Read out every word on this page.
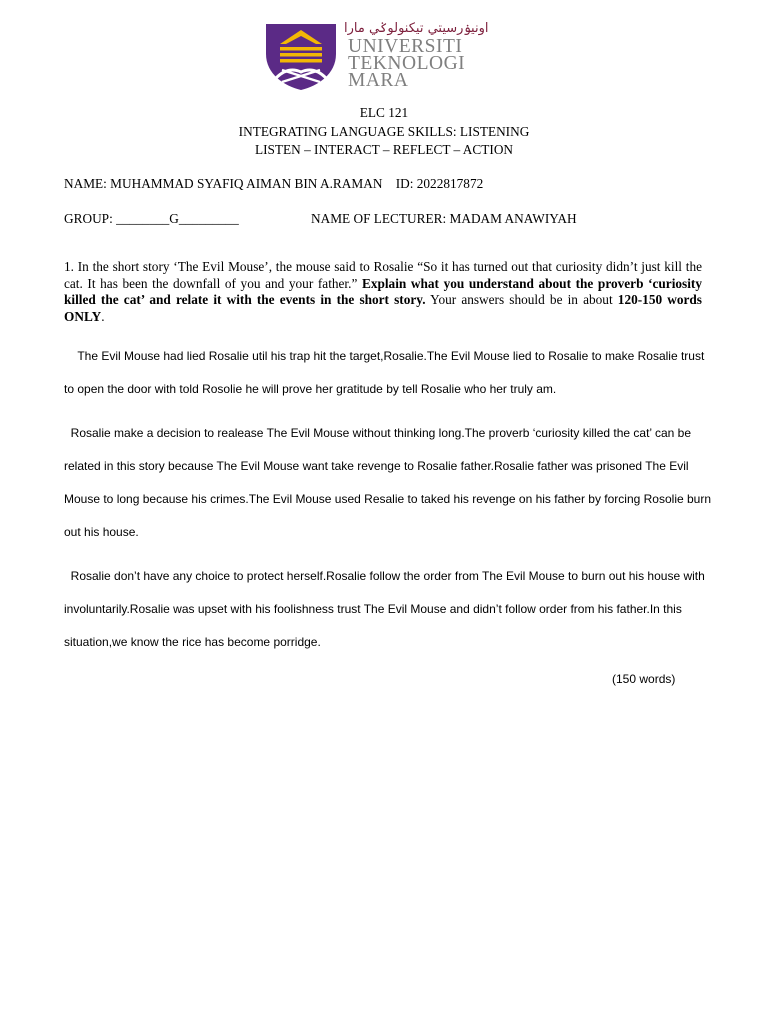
اونيۏرسيتي تيکنولوݢي مارا
UNIVERSITI
TEKNOLOGI
MARA
ELC 121
INTEGRATING LANGUAGE SKILLS: LISTENING
LISTEN – INTERACT – REFLECT – ACTION
NAME: MUHAMMAD SYAFIQ AIMAN BIN A.RAMAN    ID: 2022817872
GROUP: ________G_________	NAME OF LECTURER: MADAM ANAWIYAH
1. In the short story ‘The Evil Mouse’, the mouse said to Rosalie “So it has turned out that curiosity didn’t just kill the cat. It has been the downfall of you and your father.” Explain what you understand about the proverb ‘curiosity killed the cat’ and relate it with the events in the short story. Your answers should be in about 120-150 words ONLY.

The Evil Mouse had lied Rosalie util his trap hit the target,Rosalie.The Evil Mouse lied to Rosalie to make Rosalie trust to open the door with told Rosolie he will prove her gratitude by tell Rosalie who her truly am.

Rosalie make a decision to realease The Evil Mouse without thinking long.The proverb ‘curiosity killed the cat’ can be related in this story because The Evil Mouse want take revenge to Rosalie father.Rosalie father was prisoned The Evil Mouse to long because his crimes.The Evil Mouse used Resalie to taked his revenge on his father by forcing Rosolie burn out his house.

Rosalie don’t have any choice to protect herself.Rosalie follow the order from The Evil Mouse to burn out his house with involuntarily.Rosalie was upset with his foolishness trust The Evil Mouse and didn’t follow order from his father.In this situation,we know the rice has become porridge.

(150 words)
